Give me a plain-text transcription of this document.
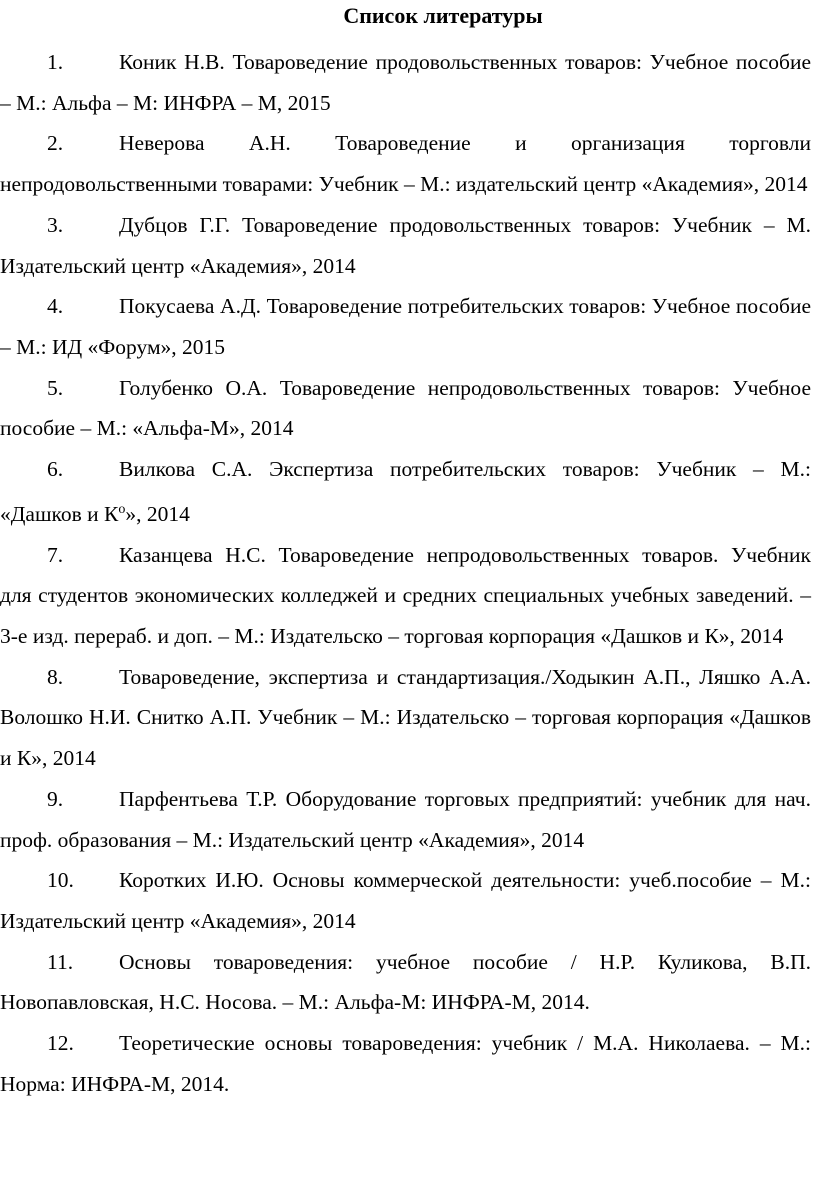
Список литературы
1.	Коник Н.В. Товароведение продовольственных товаров: Учебное пособие – М.: Альфа – М: ИНФРА – М, 2015
2.	Неверова А.Н. Товароведение и организация торговли непродовольственными товарами: Учебник – М.: издательский центр «Академия», 2014
3.	Дубцов Г.Г. Товароведение продовольственных товаров: Учебник – М. Издательский центр «Академия», 2014
4.	Покусаева А.Д. Товароведение потребительских товаров: Учебное пособие – М.: ИД «Форум», 2015
5.	Голубенко О.А. Товароведение непродовольственных товаров: Учебное пособие – М.: «Альфа-М», 2014
6.	Вилкова С.А. Экспертиза потребительских товаров: Учебник – М.: «Дашков и $К^о$», 2014
7.	Казанцева Н.С. Товароведение непродовольственных товаров. Учебник для студентов экономических колледжей и средних специальных учебных заведений. – 3-е изд. перераб. и доп. – М.: Издательско – торговая корпорация «Дашков и К», 2014
8.	Товароведение, экспертиза и стандартизация./Ходыкин А.П., Ляшко А.А. Волошко Н.И. Снитко А.П. Учебник – М.: Издательско – торговая корпорация «Дашков и К», 2014
9.	Парфентьева Т.Р. Оборудование торговых предприятий: учебник для нач. проф. образования – М.: Издательский центр «Академия», 2014
10. Коротких И.Ю. Основы коммерческой деятельности: учеб.пособие – М.: Издательский центр «Академия», 2014
11. Основы товароведения: учебное пособие / Н.Р. Куликова, В.П. Новопавловская, Н.С. Носова. – М.: Альфа-М: ИНФРА-М, 2014.
12. Теоретические основы товароведения: учебник / М.А. Николаева. – М.: Норма: ИНФРА-М, 2014.
